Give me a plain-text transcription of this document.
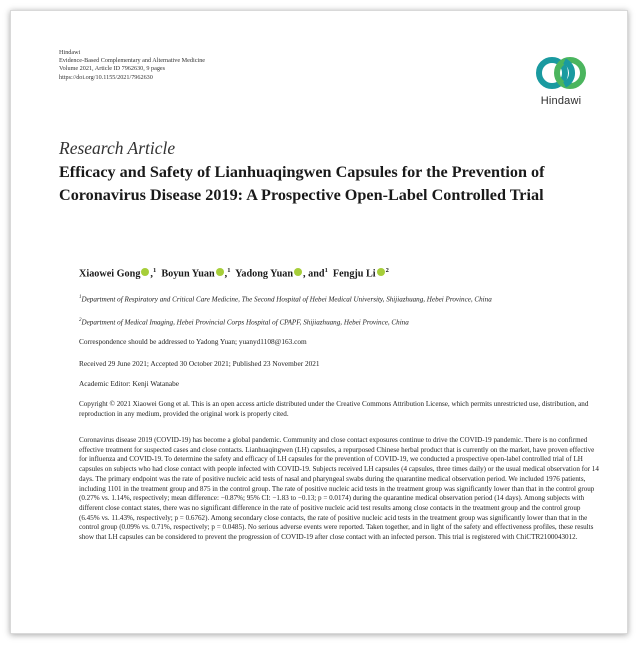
Hindawi
Evidence-Based Complementary and Alternative Medicine
Volume 2021, Article ID 7962630, 9 pages
https://doi.org/10.1155/2021/7962630
Hindawi
Research Article
Efficacy and Safety of Lianhuaqingwen Capsules for the Prevention of Coronavirus Disease 2019: A Prospective Open-Label Controlled Trial
Xiaowei Gong ,$^1$ Boyun Yuan ,$^1$ Yadong Yuan , and$^1$ Fengju Li $^2$
$^1$Department of Respiratory and Critical Care Medicine, The Second Hospital of Hebei Medical University, Shijiazhuang, Hebei Province, China
$^2$Department of Medical Imaging, Hebei Provincial Corps Hospital of CPAPF, Shijiazhuang, Hebei Province, China
Correspondence should be addressed to Yadong Yuan; yuanyd1108@163.com
Received 29 June 2021; Accepted 30 October 2021; Published 23 November 2021
Academic Editor: Kenji Watanabe
Copyright © 2021 Xiaowei Gong et al. This is an open access article distributed under the Creative Commons Attribution License, which permits unrestricted use, distribution, and reproduction in any medium, provided the original work is properly cited.
Coronavirus disease 2019 (COVID-19) has become a global pandemic. Community and close contact exposures continue to drive the COVID-19 pandemic. There is no confirmed effective treatment for suspected cases and close contacts. Lianhuaqingwen (LH) capsules, a repurposed Chinese herbal product that is currently on the market, have proven effective for influenza and COVID-19. To determine the safety and efficacy of LH capsules for the prevention of COVID-19, we conducted a prospective open-label controlled trial of LH capsules on subjects who had close contact with people infected with COVID-19. Subjects received LH capsules (4 capsules, three times daily) or the usual medical observation for 14 days. The primary endpoint was the rate of positive nucleic acid tests of nasal and pharyngeal swabs during the quarantine medical observation period. We included 1976 patients, including 1101 in the treatment group and 875 in the control group. The rate of positive nucleic acid tests in the treatment group was significantly lower than that in the control group (0.27% vs. 1.14%, respectively; mean difference: −0.87%; 95% CI: −1.83 to −0.13; p = 0.0174) during the quarantine medical observation period (14 days). Among subjects with different close contact states, there was no significant difference in the rate of positive nucleic acid test results among close contacts in the treatment group and the control group (6.45% vs. 11.43%, respectively; p = 0.6762). Among secondary close contacts, the rate of positive nucleic acid tests in the treatment group was significantly lower than that in the control group (0.09% vs. 0.71%, respectively; p = 0.0485). No serious adverse events were reported. Taken together, and in light of the safety and effectiveness profiles, these results show that LH capsules can be considered to prevent the progression of COVID-19 after close contact with an infected person. This trial is registered with ChiCTR2100043012.
